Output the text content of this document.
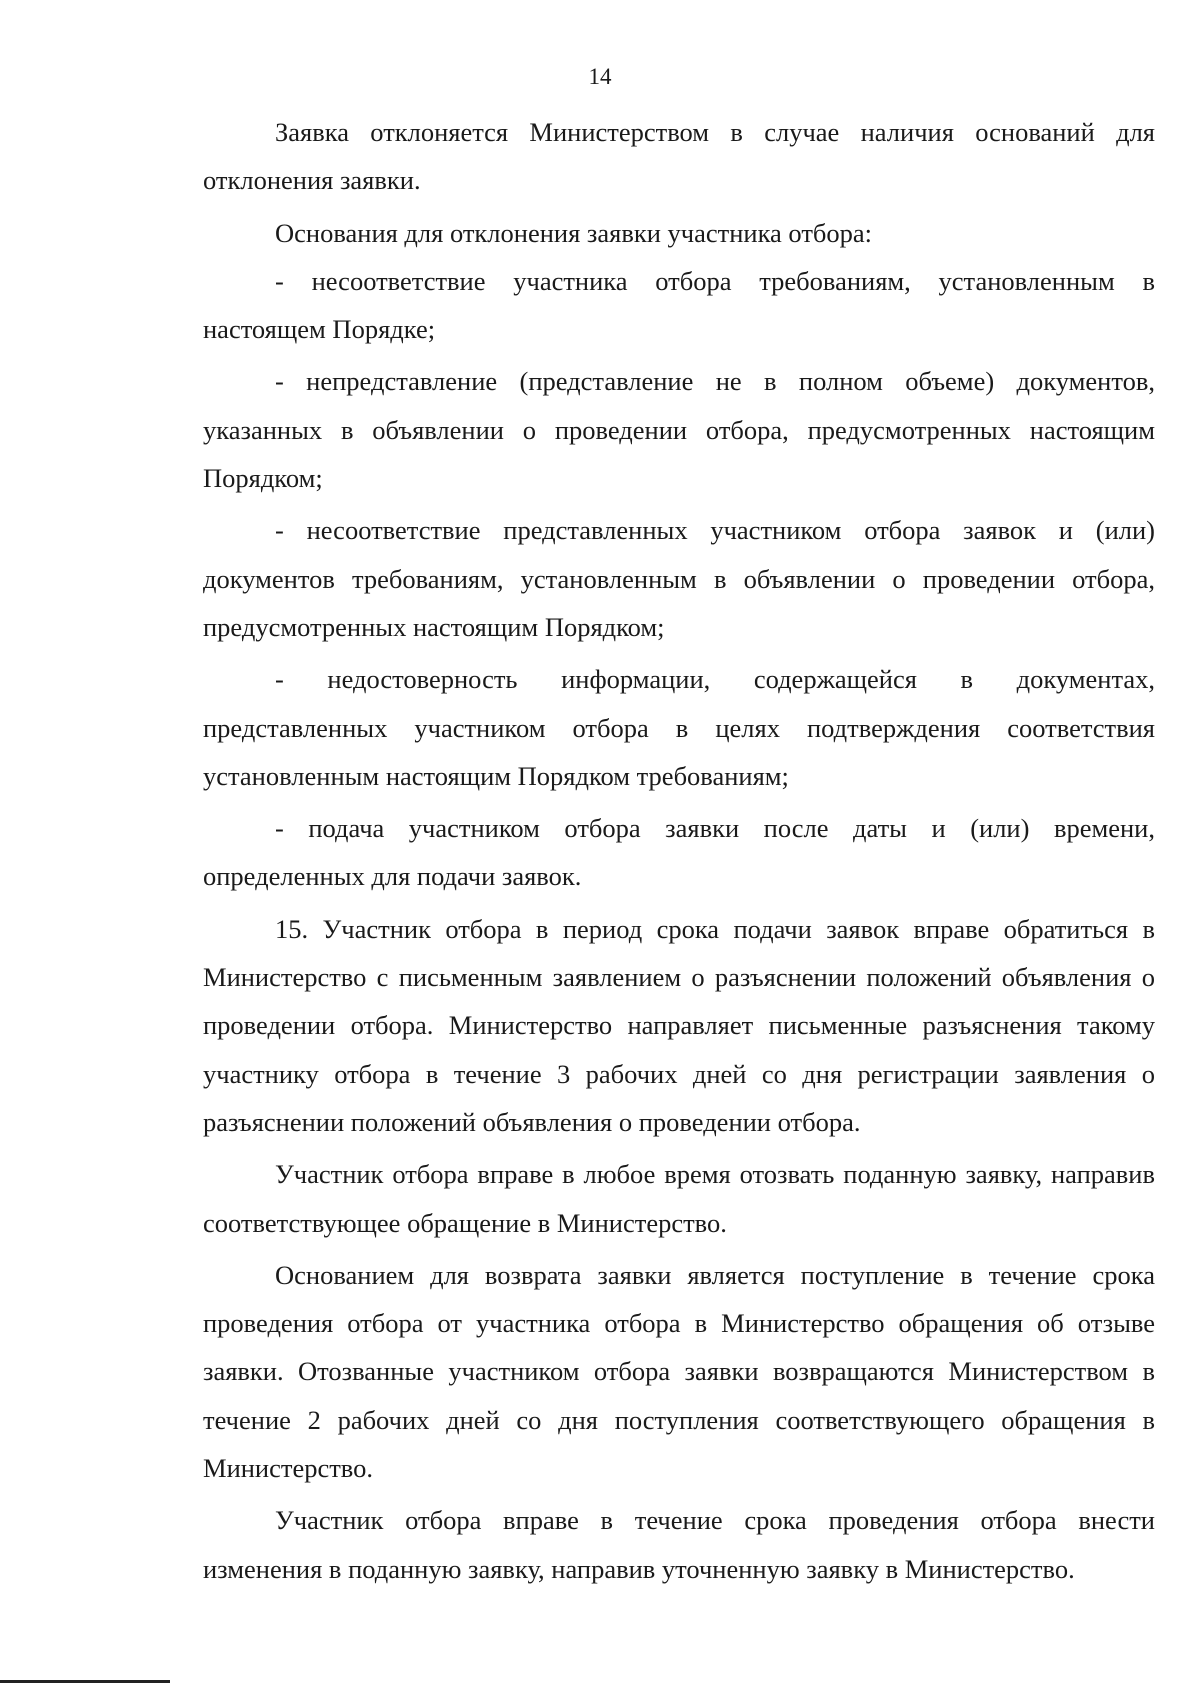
14

Заявка отклоняется Министерством в случае наличия оснований для отклонения заявки.

Основания для отклонения заявки участника отбора:

- несоответствие участника отбора требованиям, установленным в настоящем Порядке;

- непредставление (представление не в полном объеме) документов, указанных в объявлении о проведении отбора, предусмотренных настоящим Порядком;

- несоответствие представленных участником отбора заявок и (или) документов требованиям, установленным в объявлении о проведении отбора, предусмотренных настоящим Порядком;

- недостоверность информации, содержащейся в документах, представленных участником отбора в целях подтверждения соответствия установленным настоящим Порядком требованиям;

- подача участником отбора заявки после даты и (или) времени, определенных для подачи заявок.

15. Участник отбора в период срока подачи заявок вправе обратиться в Министерство с письменным заявлением о разъяснении положений объявления о проведении отбора. Министерство направляет письменные разъяснения такому участнику отбора в течение 3 рабочих дней со дня регистрации заявления о разъяснении положений объявления о проведении отбора.

Участник отбора вправе в любое время отозвать поданную заявку, направив соответствующее обращение в Министерство.

Основанием для возврата заявки является поступление в течение срока проведения отбора от участника отбора в Министерство обращения об отзыве заявки. Отозванные участником отбора заявки возвращаются Министерством в течение 2 рабочих дней со дня поступления соответствующего обращения в Министерство.

Участник отбора вправе в течение срока проведения отбора внести изменения в поданную заявку, направив уточненную заявку в Министерство.
